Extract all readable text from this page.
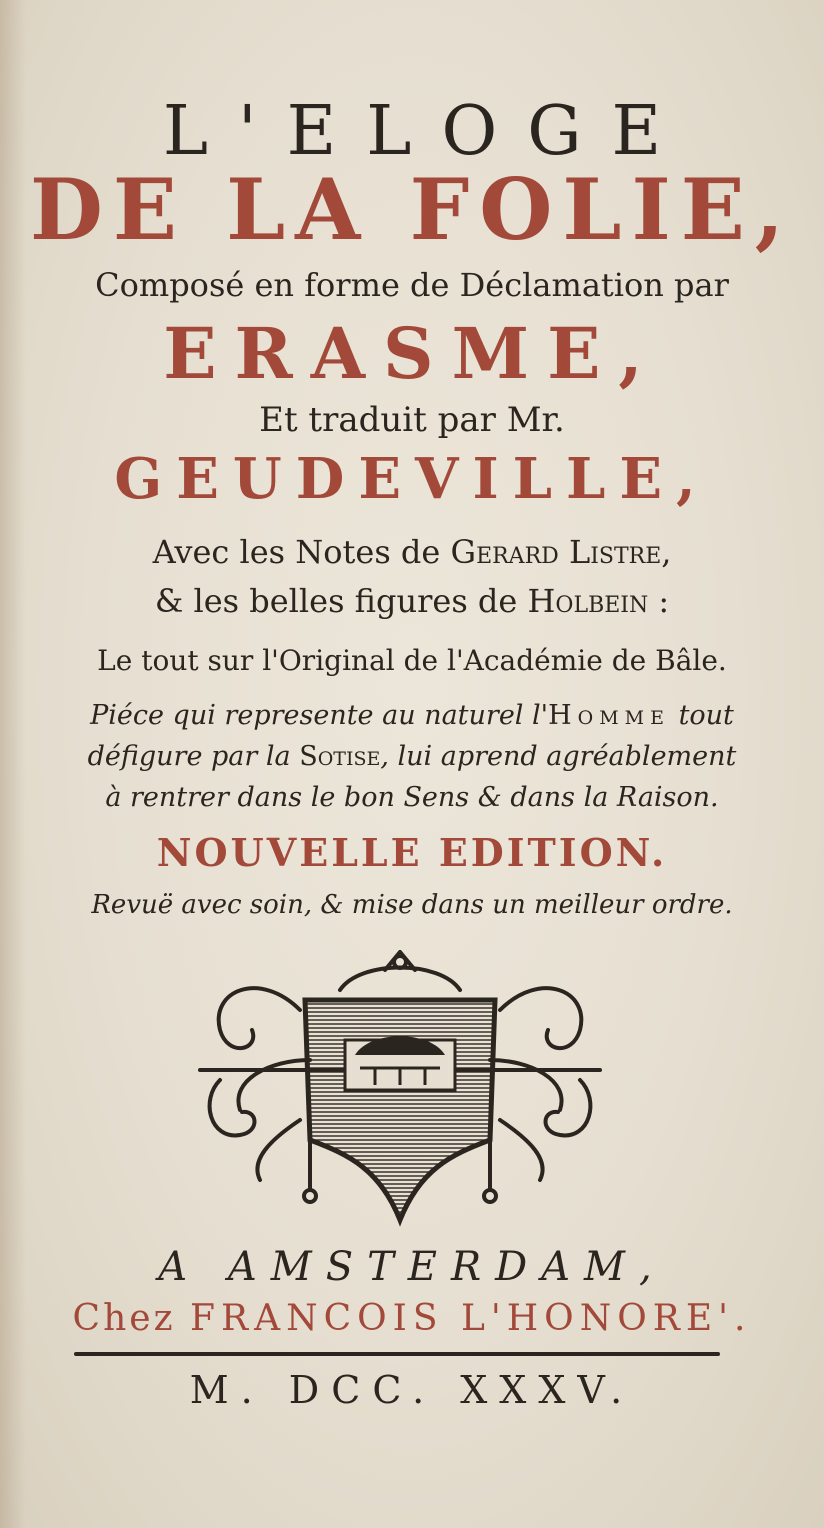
L'ELOGE
DE LA FOLIE,
Composé en forme de Déclamation par
ERASME,
Et traduit par Mr.
GEUDEVILLE,
Avec les Notes de Gerard Listre,
& les belles figures de Holbein :
Le tout sur l'Original de l'Académie de Bâle.
Piéce qui represente au naturel l'Homme tout
défigure par la Sotise, lui aprend agréablement
à rentrer dans le bon Sens & dans la Raison.
NOUVELLE EDITION.
Revuë avec soin, & mise dans un meilleur ordre.
A AMSTERDAM,
Chez FRANCOIS L'HONORE'.
M. DCC. XXXV.
